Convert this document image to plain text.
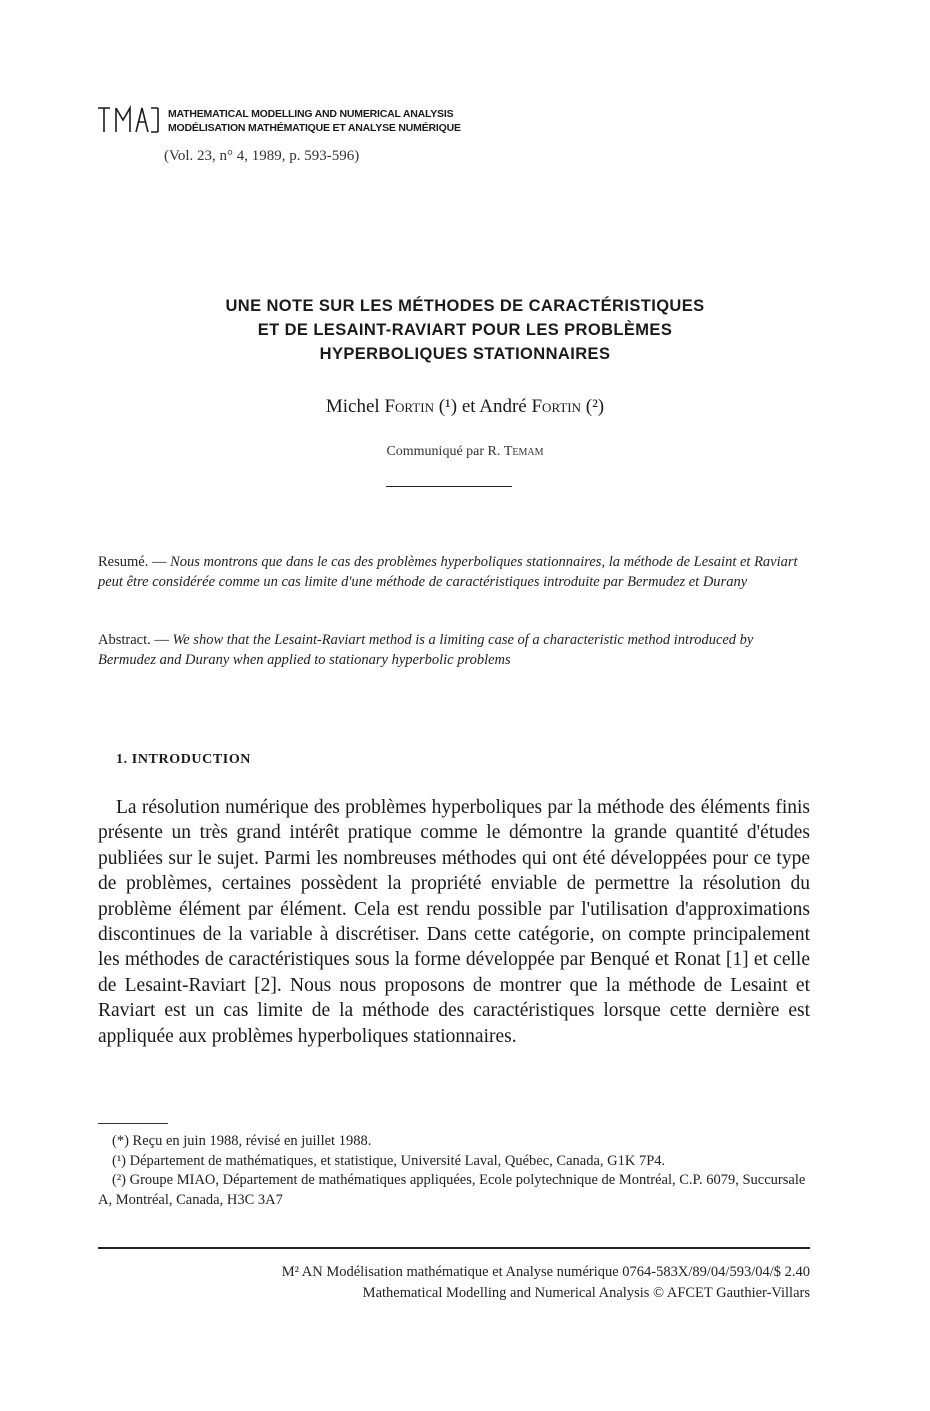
MATHEMATICAL MODELLING AND NUMERICAL ANALYSIS
MODÉLISATION MATHÉMATIQUE ET ANALYSE NUMÉRIQUE
(Vol. 23, n° 4, 1989, p. 593-596)
UNE NOTE SUR LES MÉTHODES DE CARACTÉRISTIQUES
ET DE LESAINT-RAVIART POUR LES PROBLÈMES
HYPERBOLIQUES STATIONNAIRES
Michel Fortin (¹) et André Fortin (²)
Communiqué par R. Temam
Resumé. — Nous montrons que dans le cas des problèmes hyperboliques stationnaires, la méthode de Lesaint et Raviart peut être considérée comme un cas limite d'une méthode de caractéristiques introduite par Bermudez et Durany
Abstract. — We show that the Lesaint-Raviart method is a limiting case of a characteristic method introduced by Bermudez and Durany when applied to stationary hyperbolic problems
1. INTRODUCTION
La résolution numérique des problèmes hyperboliques par la méthode des éléments finis présente un très grand intérêt pratique comme le démontre la grande quantité d'études publiées sur le sujet. Parmi les nombreuses méthodes qui ont été développées pour ce type de problèmes, certaines possèdent la propriété enviable de permettre la résolution du problème élément par élément. Cela est rendu possible par l'utilisation d'approximations discontinues de la variable à discrétiser. Dans cette catégorie, on compte principalement les méthodes de caractéristiques sous la forme développée par Benqué et Ronat [1] et celle de Lesaint-Raviart [2]. Nous nous proposons de montrer que la méthode de Lesaint et Raviart est un cas limite de la méthode des caractéristiques lorsque cette dernière est appliquée aux problèmes hyperboliques stationnaires.
(*) Reçu en juin 1988, révisé en juillet 1988.
(¹) Département de mathématiques, et statistique, Université Laval, Québec, Canada, G1K 7P4.
(²) Groupe MIAO, Département de mathématiques appliquées, Ecole polytechnique de Montréal, C.P. 6079, Succursale A, Montréal, Canada, H3C 3A7
M² AN Modélisation mathématique et Analyse numérique 0764-583X/89/04/593/04/$ 2.40
Mathematical Modelling and Numerical Analysis © AFCET Gauthier-Villars
